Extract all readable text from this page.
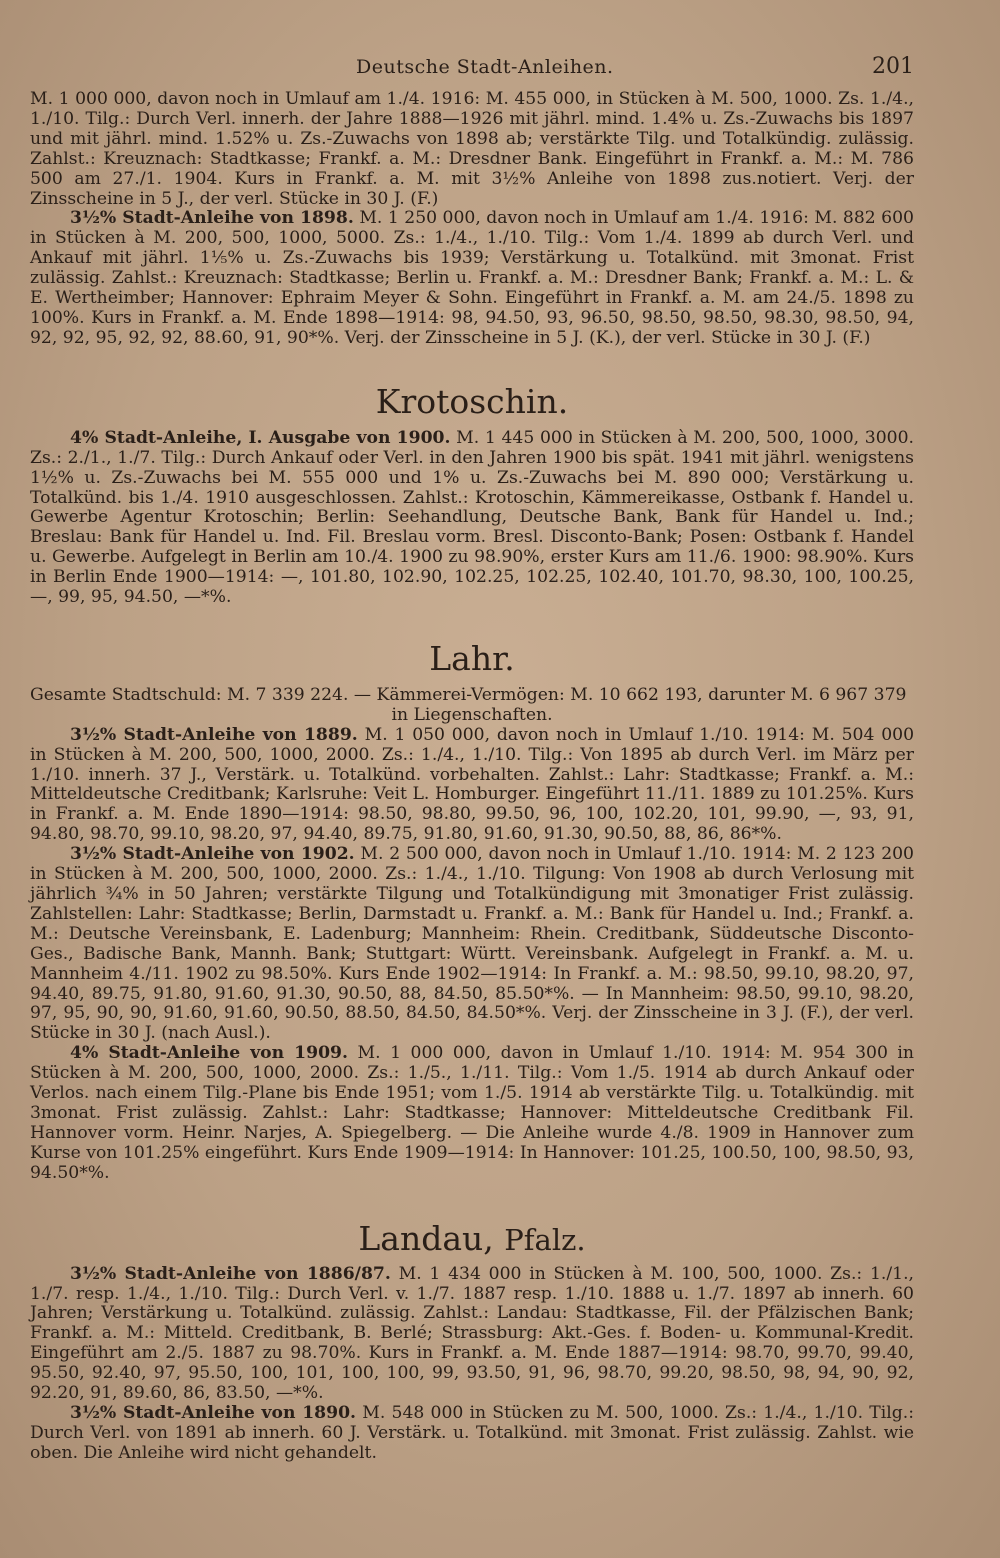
Deutsche Stadt-Anleihen.	201

M. 1 000 000, davon noch in Umlauf am 1./4. 1916: M. 455 000, in Stücken à M. 500, 1000. Zs. 1./4., 1./10. Tilg.: Durch Verl. innerh. der Jahre 1888—1926 mit jährl. mind. 1.4% u. Zs.-Zuwachs bis 1897 und mit jährl. mind. 1.52% u. Zs.-Zuwachs von 1898 ab; verstärkte Tilg. und Totalkündig. zulässig. Zahlst.: Kreuznach: Stadtkasse; Frankf. a. M.: Dresdner Bank. Eingeführt in Frankf. a. M.: M. 786 500 am 27./1. 1904. Kurs in Frankf. a. M. mit 3½% Anleihe von 1898 zus.notiert. Verj. der Zinsscheine in 5 J., der verl. Stücke in 30 J. (F.)

3½% Stadt-Anleihe von 1898. M. 1 250 000, davon noch in Umlauf am 1./4. 1916: M. 882 600 in Stücken à M. 200, 500, 1000, 5000. Zs.: 1./4., 1./10. Tilg.: Vom 1./4. 1899 ab durch Verl. und Ankauf mit jährl. 1⅕% u. Zs.-Zuwachs bis 1939; Verstärkung u. Totalkünd. mit 3monat. Frist zulässig. Zahlst.: Kreuznach: Stadtkasse; Berlin u. Frankf. a. M.: Dresdner Bank; Frankf. a. M.: L. & E. Wertheimber; Hannover: Ephraim Meyer & Sohn. Eingeführt in Frankf. a. M. am 24./5. 1898 zu 100%. Kurs in Frankf. a. M. Ende 1898—1914: 98, 94.50, 93, 96.50, 98.50, 98.50, 98.30, 98.50, 94, 92, 92, 95, 92, 92, 88.60, 91, 90*%. Verj. der Zinsscheine in 5 J. (K.), der verl. Stücke in 30 J. (F.)

Krotoschin.

4% Stadt-Anleihe, I. Ausgabe von 1900. M. 1 445 000 in Stücken à M. 200, 500, 1000, 3000. Zs.: 2./1., 1./7. Tilg.: Durch Ankauf oder Verl. in den Jahren 1900 bis spät. 1941 mit jährl. wenigstens 1½% u. Zs.-Zuwachs bei M. 555 000 und 1% u. Zs.-Zuwachs bei M. 890 000; Verstärkung u. Totalkünd. bis 1./4. 1910 ausgeschlossen. Zahlst.: Krotoschin, Kämmereikasse, Ostbank f. Handel u. Gewerbe Agentur Krotoschin; Berlin: Seehandlung, Deutsche Bank, Bank für Handel u. Ind.; Breslau: Bank für Handel u. Ind. Fil. Breslau vorm. Bresl. Disconto-Bank; Posen: Ostbank f. Handel u. Gewerbe. Aufgelegt in Berlin am 10./4. 1900 zu 98.90%, erster Kurs am 11./6. 1900: 98.90%. Kurs in Berlin Ende 1900—1914: —, 101.80, 102.90, 102.25, 102.25, 102.40, 101.70, 98.30, 100, 100.25, —, 99, 95, 94.50, —*%.

Lahr.

Gesamte Stadtschuld: M. 7 339 224. — Kämmerei-Vermögen: M. 10 662 193, darunter M. 6 967 379

in Liegenschaften.

3½% Stadt-Anleihe von 1889. M. 1 050 000, davon noch in Umlauf 1./10. 1914: M. 504 000 in Stücken à M. 200, 500, 1000, 2000. Zs.: 1./4., 1./10. Tilg.: Von 1895 ab durch Verl. im März per 1./10. innerh. 37 J., Verstärk. u. Totalkünd. vorbehalten. Zahlst.: Lahr: Stadtkasse; Frankf. a. M.: Mitteldeutsche Creditbank; Karlsruhe: Veit L. Homburger. Eingeführt 11./11. 1889 zu 101.25%. Kurs in Frankf. a. M. Ende 1890—1914: 98.50, 98.80, 99.50, 96, 100, 102.20, 101, 99.90, —, 93, 91, 94.80, 98.70, 99.10, 98.20, 97, 94.40, 89.75, 91.80, 91.60, 91.30, 90.50, 88, 86, 86*%.

3½% Stadt-Anleihe von 1902. M. 2 500 000, davon noch in Umlauf 1./10. 1914: M. 2 123 200 in Stücken à M. 200, 500, 1000, 2000. Zs.: 1./4., 1./10. Tilgung: Von 1908 ab durch Verlosung mit jährlich ¾% in 50 Jahren; verstärkte Tilgung und Totalkündigung mit 3monatiger Frist zulässig. Zahlstellen: Lahr: Stadtkasse; Berlin, Darmstadt u. Frankf. a. M.: Bank für Handel u. Ind.; Frankf. a. M.: Deutsche Vereinsbank, E. Ladenburg; Mannheim: Rhein. Creditbank, Süddeutsche Disconto-Ges., Badische Bank, Mannh. Bank; Stuttgart: Württ. Vereinsbank. Aufgelegt in Frankf. a. M. u. Mannheim 4./11. 1902 zu 98.50%. Kurs Ende 1902—1914: In Frankf. a. M.: 98.50, 99.10, 98.20, 97, 94.40, 89.75, 91.80, 91.60, 91.30, 90.50, 88, 84.50, 85.50*%. — In Mannheim: 98.50, 99.10, 98.20, 97, 95, 90, 90, 91.60, 91.60, 90.50, 88.50, 84.50, 84.50*%. Verj. der Zinsscheine in 3 J. (F.), der verl. Stücke in 30 J. (nach Ausl.).

4% Stadt-Anleihe von 1909. M. 1 000 000, davon in Umlauf 1./10. 1914: M. 954 300 in Stücken à M. 200, 500, 1000, 2000. Zs.: 1./5., 1./11. Tilg.: Vom 1./5. 1914 ab durch Ankauf oder Verlos. nach einem Tilg.-Plane bis Ende 1951; vom 1./5. 1914 ab verstärkte Tilg. u. Totalkündig. mit 3monat. Frist zulässig. Zahlst.: Lahr: Stadtkasse; Hannover: Mitteldeutsche Creditbank Fil. Hannover vorm. Heinr. Narjes, A. Spiegelberg. — Die Anleihe wurde 4./8. 1909 in Hannover zum Kurse von 101.25% eingeführt. Kurs Ende 1909—1914: In Hannover: 101.25, 100.50, 100, 98.50, 93, 94.50*%.

Landau, Pfalz.

3½% Stadt-Anleihe von 1886/87. M. 1 434 000 in Stücken à M. 100, 500, 1000. Zs.: 1./1., 1./7. resp. 1./4., 1./10. Tilg.: Durch Verl. v. 1./7. 1887 resp. 1./10. 1888 u. 1./7. 1897 ab innerh. 60 Jahren; Verstärkung u. Totalkünd. zulässig. Zahlst.: Landau: Stadtkasse, Fil. der Pfälzischen Bank; Frankf. a. M.: Mitteld. Creditbank, B. Berlé; Strassburg: Akt.-Ges. f. Boden- u. Kommunal-Kredit. Eingeführt am 2./5. 1887 zu 98.70%. Kurs in Frankf. a. M. Ende 1887—1914: 98.70, 99.70, 99.40, 95.50, 92.40, 97, 95.50, 100, 101, 100, 100, 99, 93.50, 91, 96, 98.70, 99.20, 98.50, 98, 94, 90, 92, 92.20, 91, 89.60, 86, 83.50, —*%.

3½% Stadt-Anleihe von 1890. M. 548 000 in Stücken zu M. 500, 1000. Zs.: 1./4., 1./10. Tilg.: Durch Verl. von 1891 ab innerh. 60 J. Verstärk. u. Totalkünd. mit 3monat. Frist zulässig. Zahlst. wie oben. Die Anleihe wird nicht gehandelt.
